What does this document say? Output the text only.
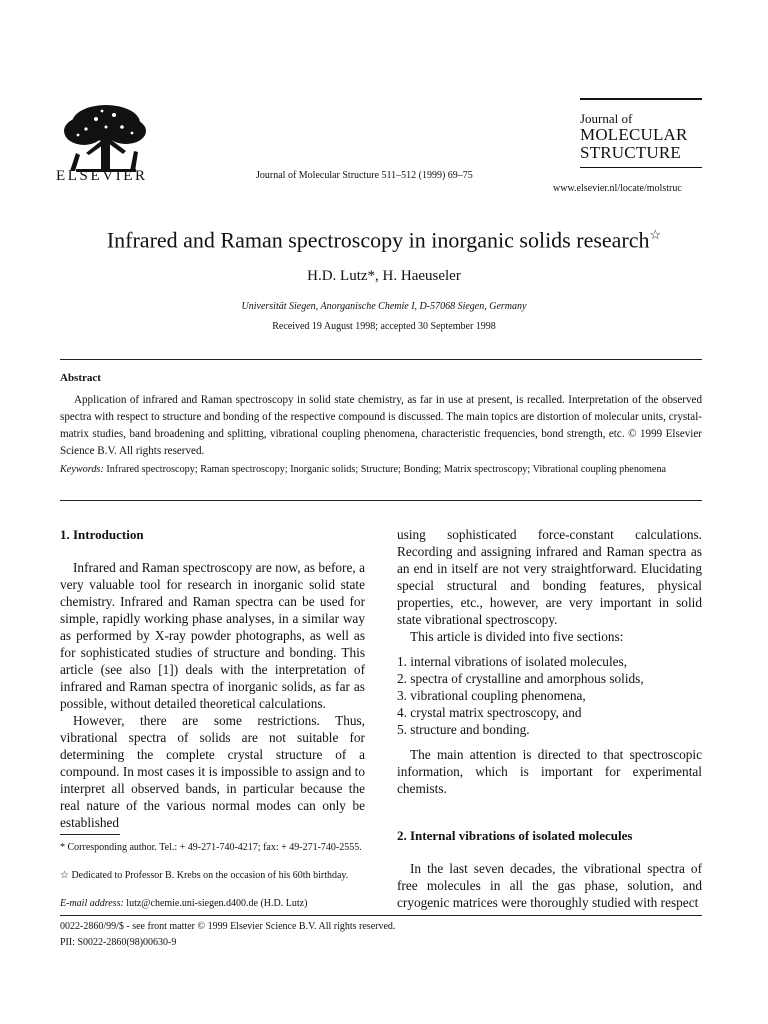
ELSEVIER	Journal of Molecular Structure 511–512 (1999) 69–75
Journal of
MOLECULAR
STRUCTURE
www.elsevier.nl/locate/molstruc
Infrared and Raman spectroscopy in inorganic solids research☆
H.D. Lutz*, H. Haeuseler
Universität Siegen, Anorganische Chemie I, D-57068 Siegen, Germany
Received 19 August 1998; accepted 30 September 1998
Abstract
Application of infrared and Raman spectroscopy in solid state chemistry, as far in use at present, is recalled. Interpretation of the observed spectra with respect to structure and bonding of the respective compound is discussed. The main topics are distortion of molecular units, crystal-matrix studies, band broadening and splitting, vibrational coupling phenomena, characteristic frequencies, bond strength, etc. © 1999 Elsevier Science B.V. All rights reserved.
Keywords: Infrared spectroscopy; Raman spectroscopy; Inorganic solids; Structure; Bonding; Matrix spectroscopy; Vibrational coupling phenomena

1. Introduction

Infrared and Raman spectroscopy are now, as before, a very valuable tool for research in inorganic solid state chemistry. Infrared and Raman spectra can be used for simple, rapidly working phase analyses, in a similar way as performed by X-ray powder photographs, as well as for sophisticated studies of structure and bonding. This article (see also [1]) deals with the interpretation of infrared and Raman spectra of inorganic solids, as far as possible, without detailed theoretical calculations.

However, there are some restrictions. Thus, vibrational spectra of solids are not suitable for determining the complete crystal structure of a compound. In most cases it is impossible to assign and to interpret all observed bands, in particular because the real nature of the various normal modes can only be established

using sophisticated force-constant calculations. Recording and assigning infrared and Raman spectra as an end in itself are not very straightforward. Elucidating special structural and bonding features, physical properties, etc., however, are very important in solid state vibrational spectroscopy.

This article is divided into five sections:

1. internal vibrations of isolated molecules,
2. spectra of crystalline and amorphous solids,
3. vibrational coupling phenomena,
4. crystal matrix spectroscopy, and
5. structure and bonding.

The main attention is directed to that spectroscopic information, which is important for experimental chemists.

2. Internal vibrations of isolated molecules

In the last seven decades, the vibrational spectra of free molecules in all the gas phase, solution, and cryogenic matrices were thoroughly studied with respect

* Corresponding author. Tel.: + 49-271-740-4217; fax: + 49-271-740-2555.
☆ Dedicated to Professor B. Krebs on the occasion of his 60th birthday.
E-mail address: lutz@chemie.uni-siegen.d400.de (H.D. Lutz)
0022-2860/99/$ - see front matter © 1999 Elsevier Science B.V. All rights reserved.
PII: S0022-2860(98)00630-9
